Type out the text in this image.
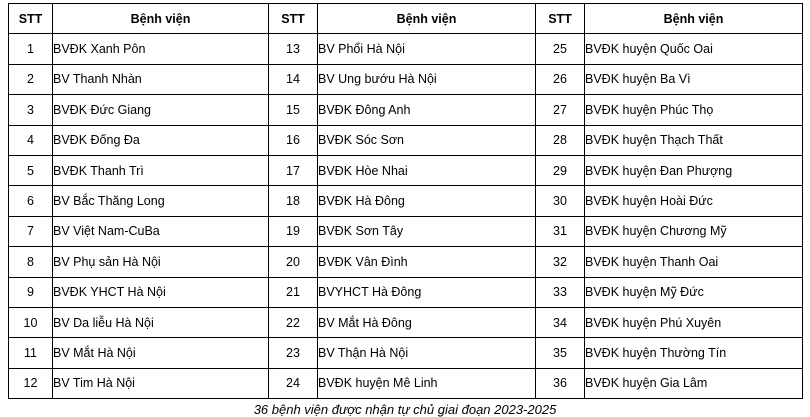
STT	Bệnh viện	STT	Bệnh viện	STT	Bệnh viện
1	BVĐK Xanh Pôn	13	BV Phổi Hà Nội	25	BVĐK huyện Quốc Oai
2	BV Thanh Nhàn	14	BV Ung bướu Hà Nội	26	BVĐK huyện Ba Vì
3	BVĐK Đức Giang	15	BVĐK Đông Anh	27	BVĐK huyện Phúc Thọ
4	BVĐK Đống Đa	16	BVĐK Sóc Sơn	28	BVĐK huyện Thạch Thất
5	BVĐK Thanh Trì	17	BVĐK Hòe Nhai	29	BVĐK huyện Đan Phượng
6	BV Bắc Thăng Long	18	BVĐK Hà Đông	30	BVĐK huyện Hoài Đức
7	BV Việt Nam-CuBa	19	BVĐK Sơn Tây	31	BVĐK huyện Chương Mỹ
8	BV Phụ sản Hà Nội	20	BVĐK Vân Đình	32	BVĐK huyện Thanh Oai
9	BVĐK YHCT Hà Nội	21	BVYHCT Hà Đông	33	BVĐK huyện Mỹ Đức
10	BV Da liễu Hà Nội	22	BV Mắt Hà Đông	34	BVĐK huyện Phú Xuyên
11	BV Mắt Hà Nội	23	BV Thận Hà Nội	35	BVĐK huyện Thường Tín
12	BV Tim Hà Nội	24	BVĐK huyện Mê Linh	36	BVĐK huyện Gia Lâm
36 bệnh viện được nhận tự chủ giai đoạn 2023-2025
